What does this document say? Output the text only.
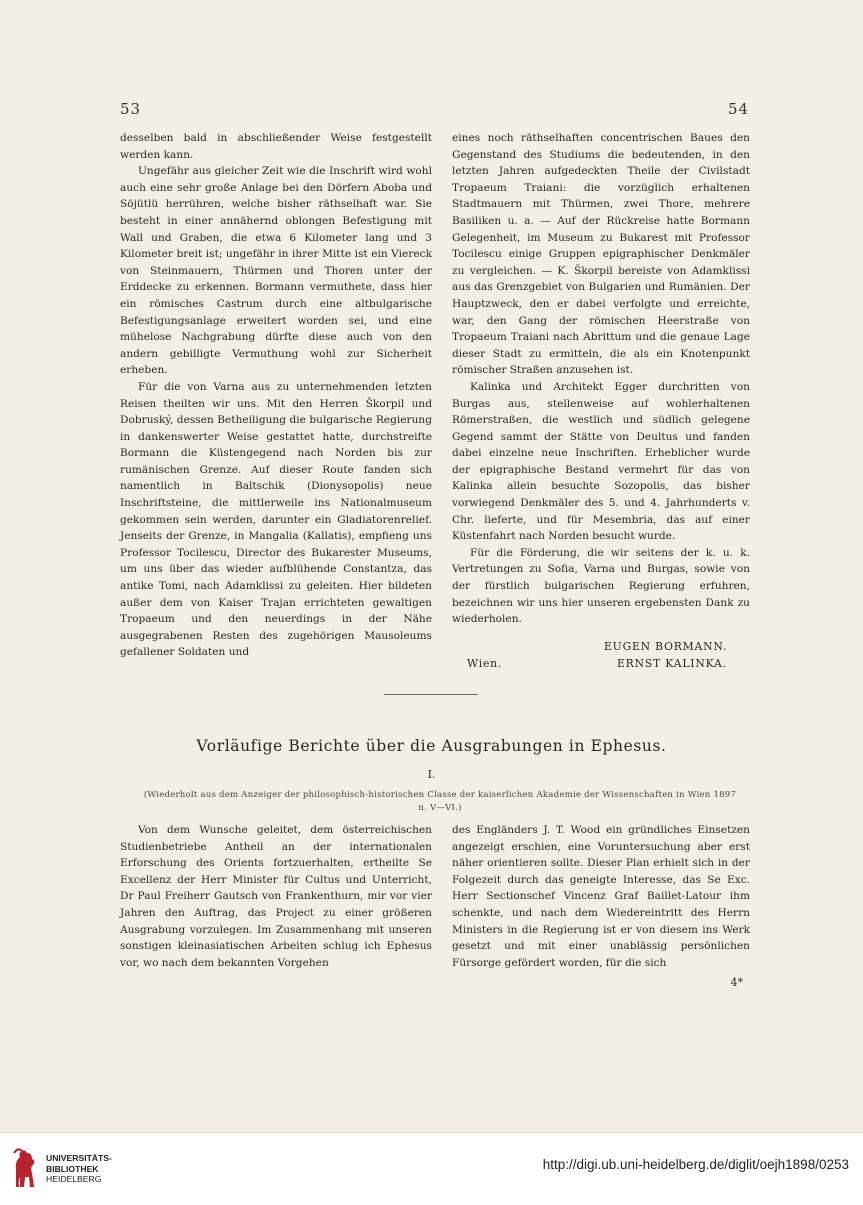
53	54

desselben bald in abschließender Weise festgestellt werden kann.

Ungefähr aus gleicher Zeit wie die Inschrift wird wohl auch eine sehr große Anlage bei den Dörfern Aboba und Söjütlü herrühren, welche bisher räthselhaft war. Sie besteht in einer annähernd oblongen Befestigung mit Wall und Graben, die etwa 6 Kilometer lang und 3 Kilometer breit ist; ungefähr in ihrer Mitte ist ein Viereck von Steinmauern, Thürmen und Thoren unter der Erddecke zu erkennen. Bormann vermuthete, dass hier ein römisches Castrum durch eine altbulgarische Befestigungsanlage erweitert worden sei, und eine mühelose Nachgrabung dürfte diese auch von den andern gebilligte Vermuthung wohl zur Sicherheit erheben.

Für die von Varna aus zu unternehmenden letzten Reisen theilten wir uns. Mit den Herren Škorpil und Dobruský, dessen Betheiligung die bulgarische Regierung in dankenswerter Weise gestattet hatte, durchstreifte Bormann die Küstengegend nach Norden bis zur rumänischen Grenze. Auf dieser Route fanden sich namentlich in Baltschik (Dionysopolis) neue Inschriftsteine, die mittlerweile ins Nationalmuseum gekommen sein werden, darunter ein Gladiatorenrelief. Jenseits der Grenze, in Mangalia (Kallatis), empfieng uns Professor Tocilescu, Director des Bukarester Museums, um uns über das wieder aufblühende Constantza, das antike Tomi, nach Adamklissi zu geleiten. Hier bildeten außer dem von Kaiser Trajan errichteten gewaltigen Tropaeum und den neuerdings in der Nähe ausgegrabenen Resten des zugehörigen Mausoleums gefallener Soldaten und

eines noch räthselhaften concentrischen Baues den Gegenstand des Studiums die bedeutenden, in den letzten Jahren aufgedeckten Theile der Civilstadt Tropaeum Traiani: die vorzüglich erhaltenen Stadtmauern mit Thürmen, zwei Thore, mehrere Basiliken u. a. — Auf der Rückreise hatte Bormann Gelegenheit, im Museum zu Bukarest mit Professor Tocilescu einige Gruppen epigraphischer Denkmäler zu vergleichen. — K. Škorpil bereiste von Adamklissi aus das Grenzgebiet von Bulgarien und Rumänien. Der Hauptzweck, den er dabei verfolgte und erreichte, war, den Gang der römischen Heerstraße von Tropaeum Traiani nach Abrittum und die genaue Lage dieser Stadt zu ermitteln, die als ein Knotenpunkt römischer Straßen anzusehen ist.

Kalinka und Architekt Egger durchritten von Burgas aus, stellenweise auf wohlerhaltenen Römerstraßen, die westlich und südlich gelegene Gegend sammt der Stätte von Deultus und fanden dabei einzelne neue Inschriften. Erheblicher wurde der epigraphische Bestand vermehrt für das von Kalinka allein besuchte Sozopolis, das bisher vorwiegend Denkmäler des 5. und 4. Jahrhunderts v. Chr. lieferte, und für Mesembria, das auf einer Küstenfahrt nach Norden besucht wurde.

Für die Förderung, die wir seitens der k. u. k. Vertretungen zu Sofia, Varna und Burgas, sowie von der fürstlich bulgarischen Regierung erfuhren, bezeichnen wir uns hier unseren ergebensten Dank zu wiederholen.

EUGEN BORMANN.
Wien.	ERNST KALINKA.
Vorläufige Berichte über die Ausgrabungen in Ephesus.
I.
(Wiederholt aus dem Anzeiger der philosophisch-historischen Classe der kaiserlichen Akademie der Wissenschaften in Wien 1897 n. V—VI.)

Von dem Wunsche geleitet, dem österreichischen Studienbetriebe Antheil an der internationalen Erforschung des Orients fortzuerhalten, ertheilte Se Excellenz der Herr Minister für Cultus und Unterricht, Dr Paul Freiherr Gautsch von Frankenthurn, mir vor vier Jahren den Auftrag, das Project zu einer größeren Ausgrabung vorzulegen. Im Zusammenhang mit unseren sonstigen kleinasiatischen Arbeiten schlug ich Ephesus vor, wo nach dem bekannten Vorgehen

des Engländers J. T. Wood ein gründliches Einsetzen angezeigt erschien, eine Voruntersuchung aber erst näher orientieren sollte. Dieser Plan erhielt sich in der Folgezeit durch das geneigte Interesse, das Se Exc. Herr Sectionschef Vincenz Graf Baillet-Latour ihm schenkte, und nach dem Wiedereintritt des Herrn Ministers in die Regierung ist er von diesem ins Werk gesetzt und mit einer unablässig persönlichen Fürsorge gefördert worden, für die sich

4*
UNIVERSITÄTS-
BIBLIOTHEK
HEIDELBERG
http://digi.ub.uni-heidelberg.de/diglit/oejh1898/0253
